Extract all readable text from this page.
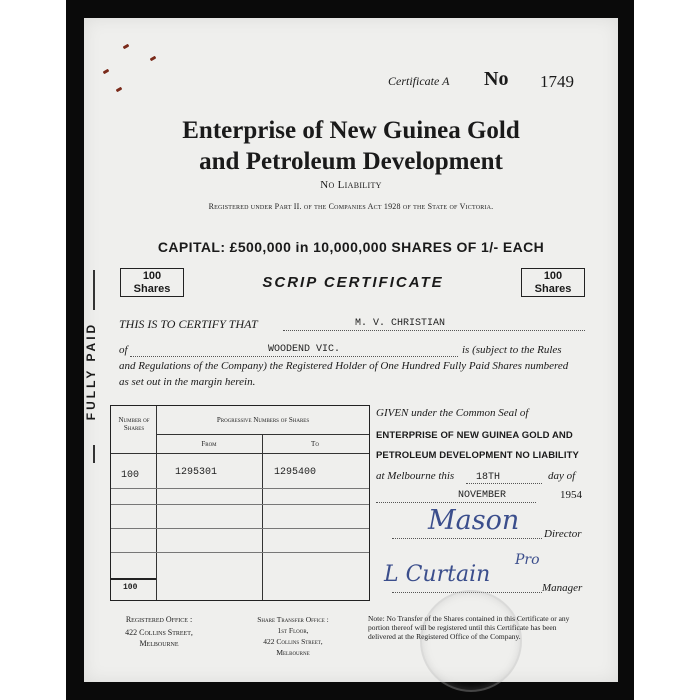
Certificate A No 1749
Enterprise of New Guinea Gold
and Petroleum Development
No Liability
Registered under Part II. of the Companies Act 1928 of the State of Victoria.
CAPITAL: £500,000 in 10,000,000 SHARES OF 1/- EACH
100
Shares	SCRIP CERTIFICATE	100
Shares
FULLY PAID THIS IS TO CERTIFY THAT	M. V. CHRISTIAN
of	WOODEND VIC.	is (subject to the Rules
and Regulations of the Company) the Registered Holder of One Hundred Fully Paid Shares numbered
as set out in the margin herein.
Number of Shares
Progressive Numbers of Shares
From	To
100	1295301	1295400
100
GIVEN under the Common Seal of
ENTERPRISE OF NEW GUINEA GOLD AND
PETROLEUM DEVELOPMENT NO LIABILITY
at Melbourne this 18TH	day of
NOVEMBER	1954
Mason Director
L Curtain
Pro
Manager
Registered Office :
422 Collins Street,
Melbourne
Share Transfer Office :
1st Floor,
422 Collins Street,
Melbourne
Note: No Transfer of the Shares contained in this Certificate or any portion thereof will be registered until this Certificate has been delivered at the Registered Office of the Company.
